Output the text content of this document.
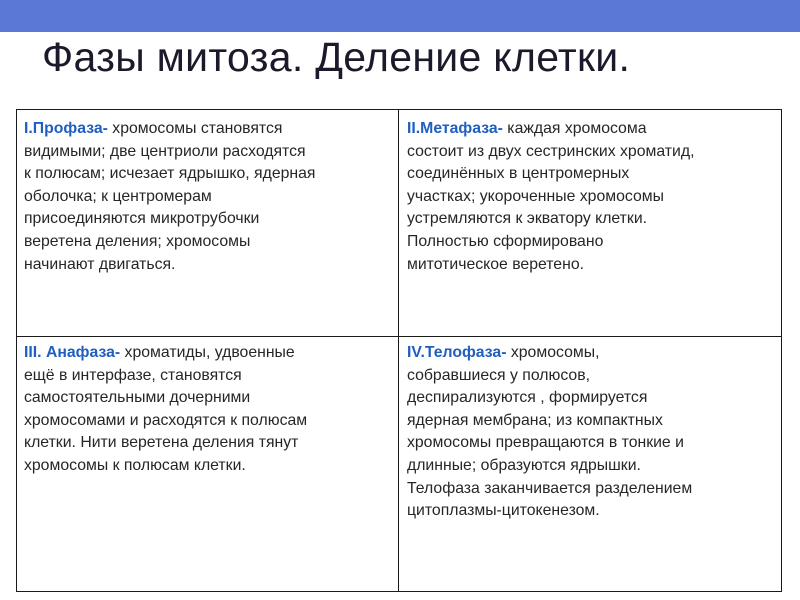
Фазы митоза. Деление клетки.
I.Профаза- хромосомы становятся
видимыми; две центриоли расходятся
к полюсам; исчезает ядрышко, ядерная
оболочка; к центромерам
присоединяются микротрубочки
веретена деления; хромосомы
начинают двигаться.
II.Метафаза- каждая хромосома
состоит из двух сестринских хроматид,
соединённых в центромерных
участках; укороченные хромосомы
устремляются к экватору клетки.
Полностью сформировано
митотическое веретено.
III. Анафаза- хроматиды, удвоенные
ещё в интерфазе, становятся
самостоятельными дочерними
хромосомами и расходятся к полюсам
клетки. Нити веретена деления тянут
хромосомы к полюсам клетки.
IV.Телофаза- хромосомы,
собравшиеся у полюсов,
деспирализуются , формируется
ядерная мембрана; из компактных
хромосомы превращаются в тонкие и
длинные; образуются ядрышки.
Телофаза заканчивается разделением
цитоплазмы-цитокенезом.
